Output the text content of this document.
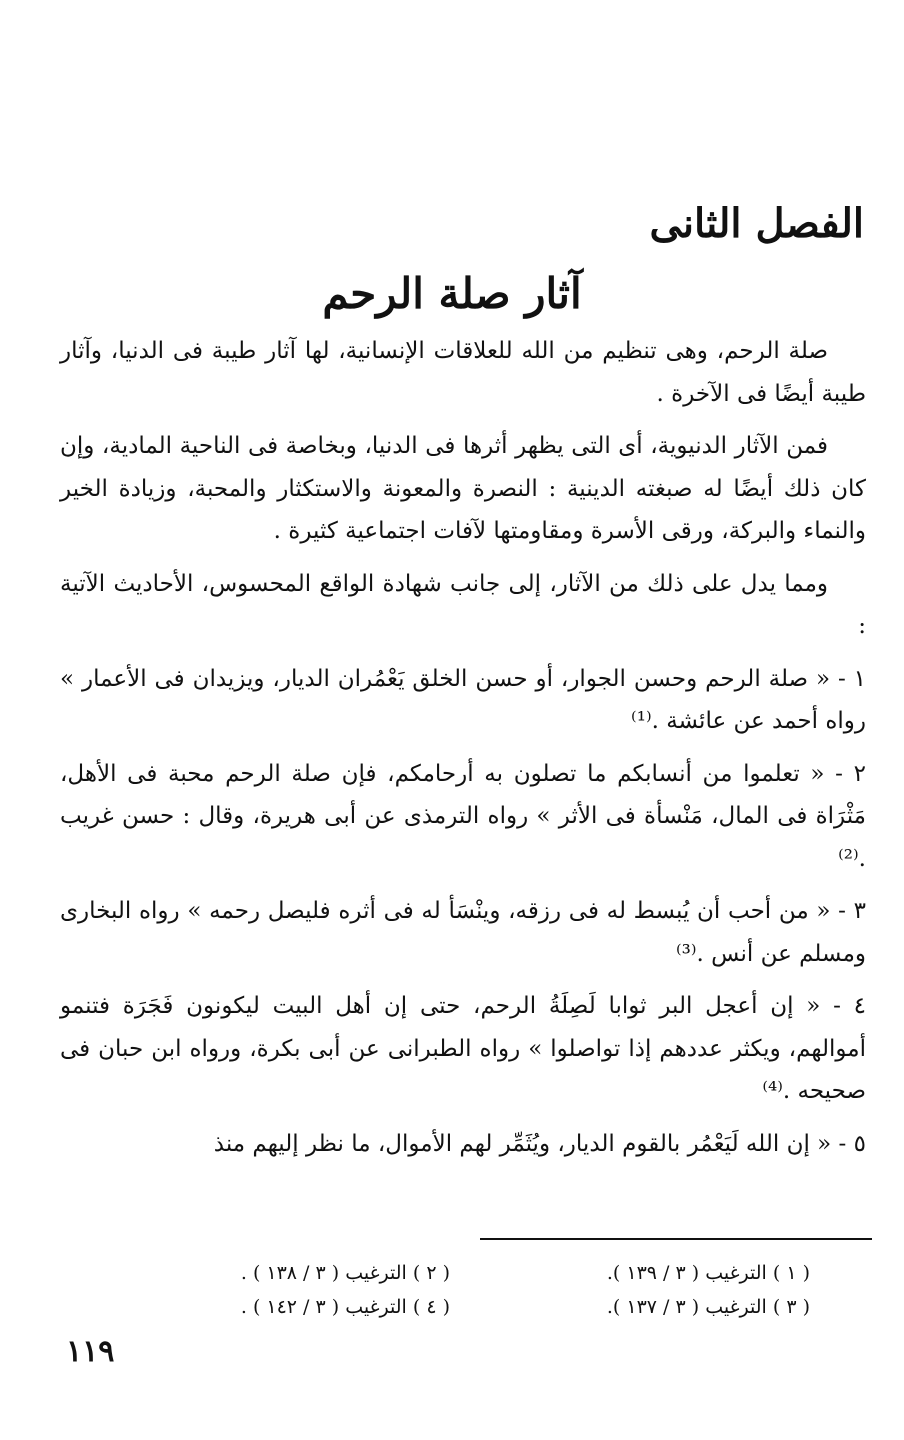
الفصل الثانى
آثار صلة الرحم

صلة الرحم، وهى تنظيم من الله للعلاقات الإنسانية، لها آثار طيبة فى الدنيا، وآثار طيبة أيضًا فى الآخرة .

فمن الآثار الدنيوية، أى التى يظهر أثرها فى الدنيا، وبخاصة فى الناحية المادية، وإن كان ذلك أيضًا له صبغته الدينية : النصرة والمعونة والاستكثار والمحبة، وزيادة الخير والنماء والبركة، ورقى الأسرة ومقاومتها لآفات اجتماعية كثيرة .

ومما يدل على ذلك من الآثار، إلى جانب شهادة الواقع المحسوس، الأحاديث الآتية :

١ - « صلة الرحم وحسن الجوار، أو حسن الخلق يَعْمُران الديار، ويزيدان فى الأعمار » رواه أحمد عن عائشة .⁽¹⁾

٢ - « تعلموا من أنسابكم ما تصلون به أرحامكم، فإن صلة الرحم محبة فى الأهل، مَثْرَاة فى المال، مَنْسأة فى الأثر » رواه الترمذى عن أبى هريرة، وقال : حسن غريب .⁽²⁾

٣ - « من أحب أن يُبسط له فى رزقه، وينْسَأ له فى أثره فليصل رحمه » رواه البخارى ومسلم عن أنس .⁽³⁾

٤ - « إن أعجل البر ثوابا لَصِلَةُ الرحم، حتى إن أهل البيت ليكونون فَجَرَة فتنمو أموالهم، ويكثر عددهم إذا تواصلوا » رواه الطبرانى عن أبى بكرة، ورواه ابن حبان فى صحيحه .⁽⁴⁾

٥ - « إن الله لَيَعْمُر بالقوم الديار، ويُثَمِّر لهم الأموال، ما نظر إليهم منذ

( ١ ) الترغيب ( ٣ / ١٣٩ ).
( ٢ ) الترغيب ( ٣ / ١٣٨ ) .
( ٣ ) الترغيب ( ٣ / ١٣٧ ).
( ٤ ) الترغيب ( ٣ / ١٤٢ ) .
١١٩
